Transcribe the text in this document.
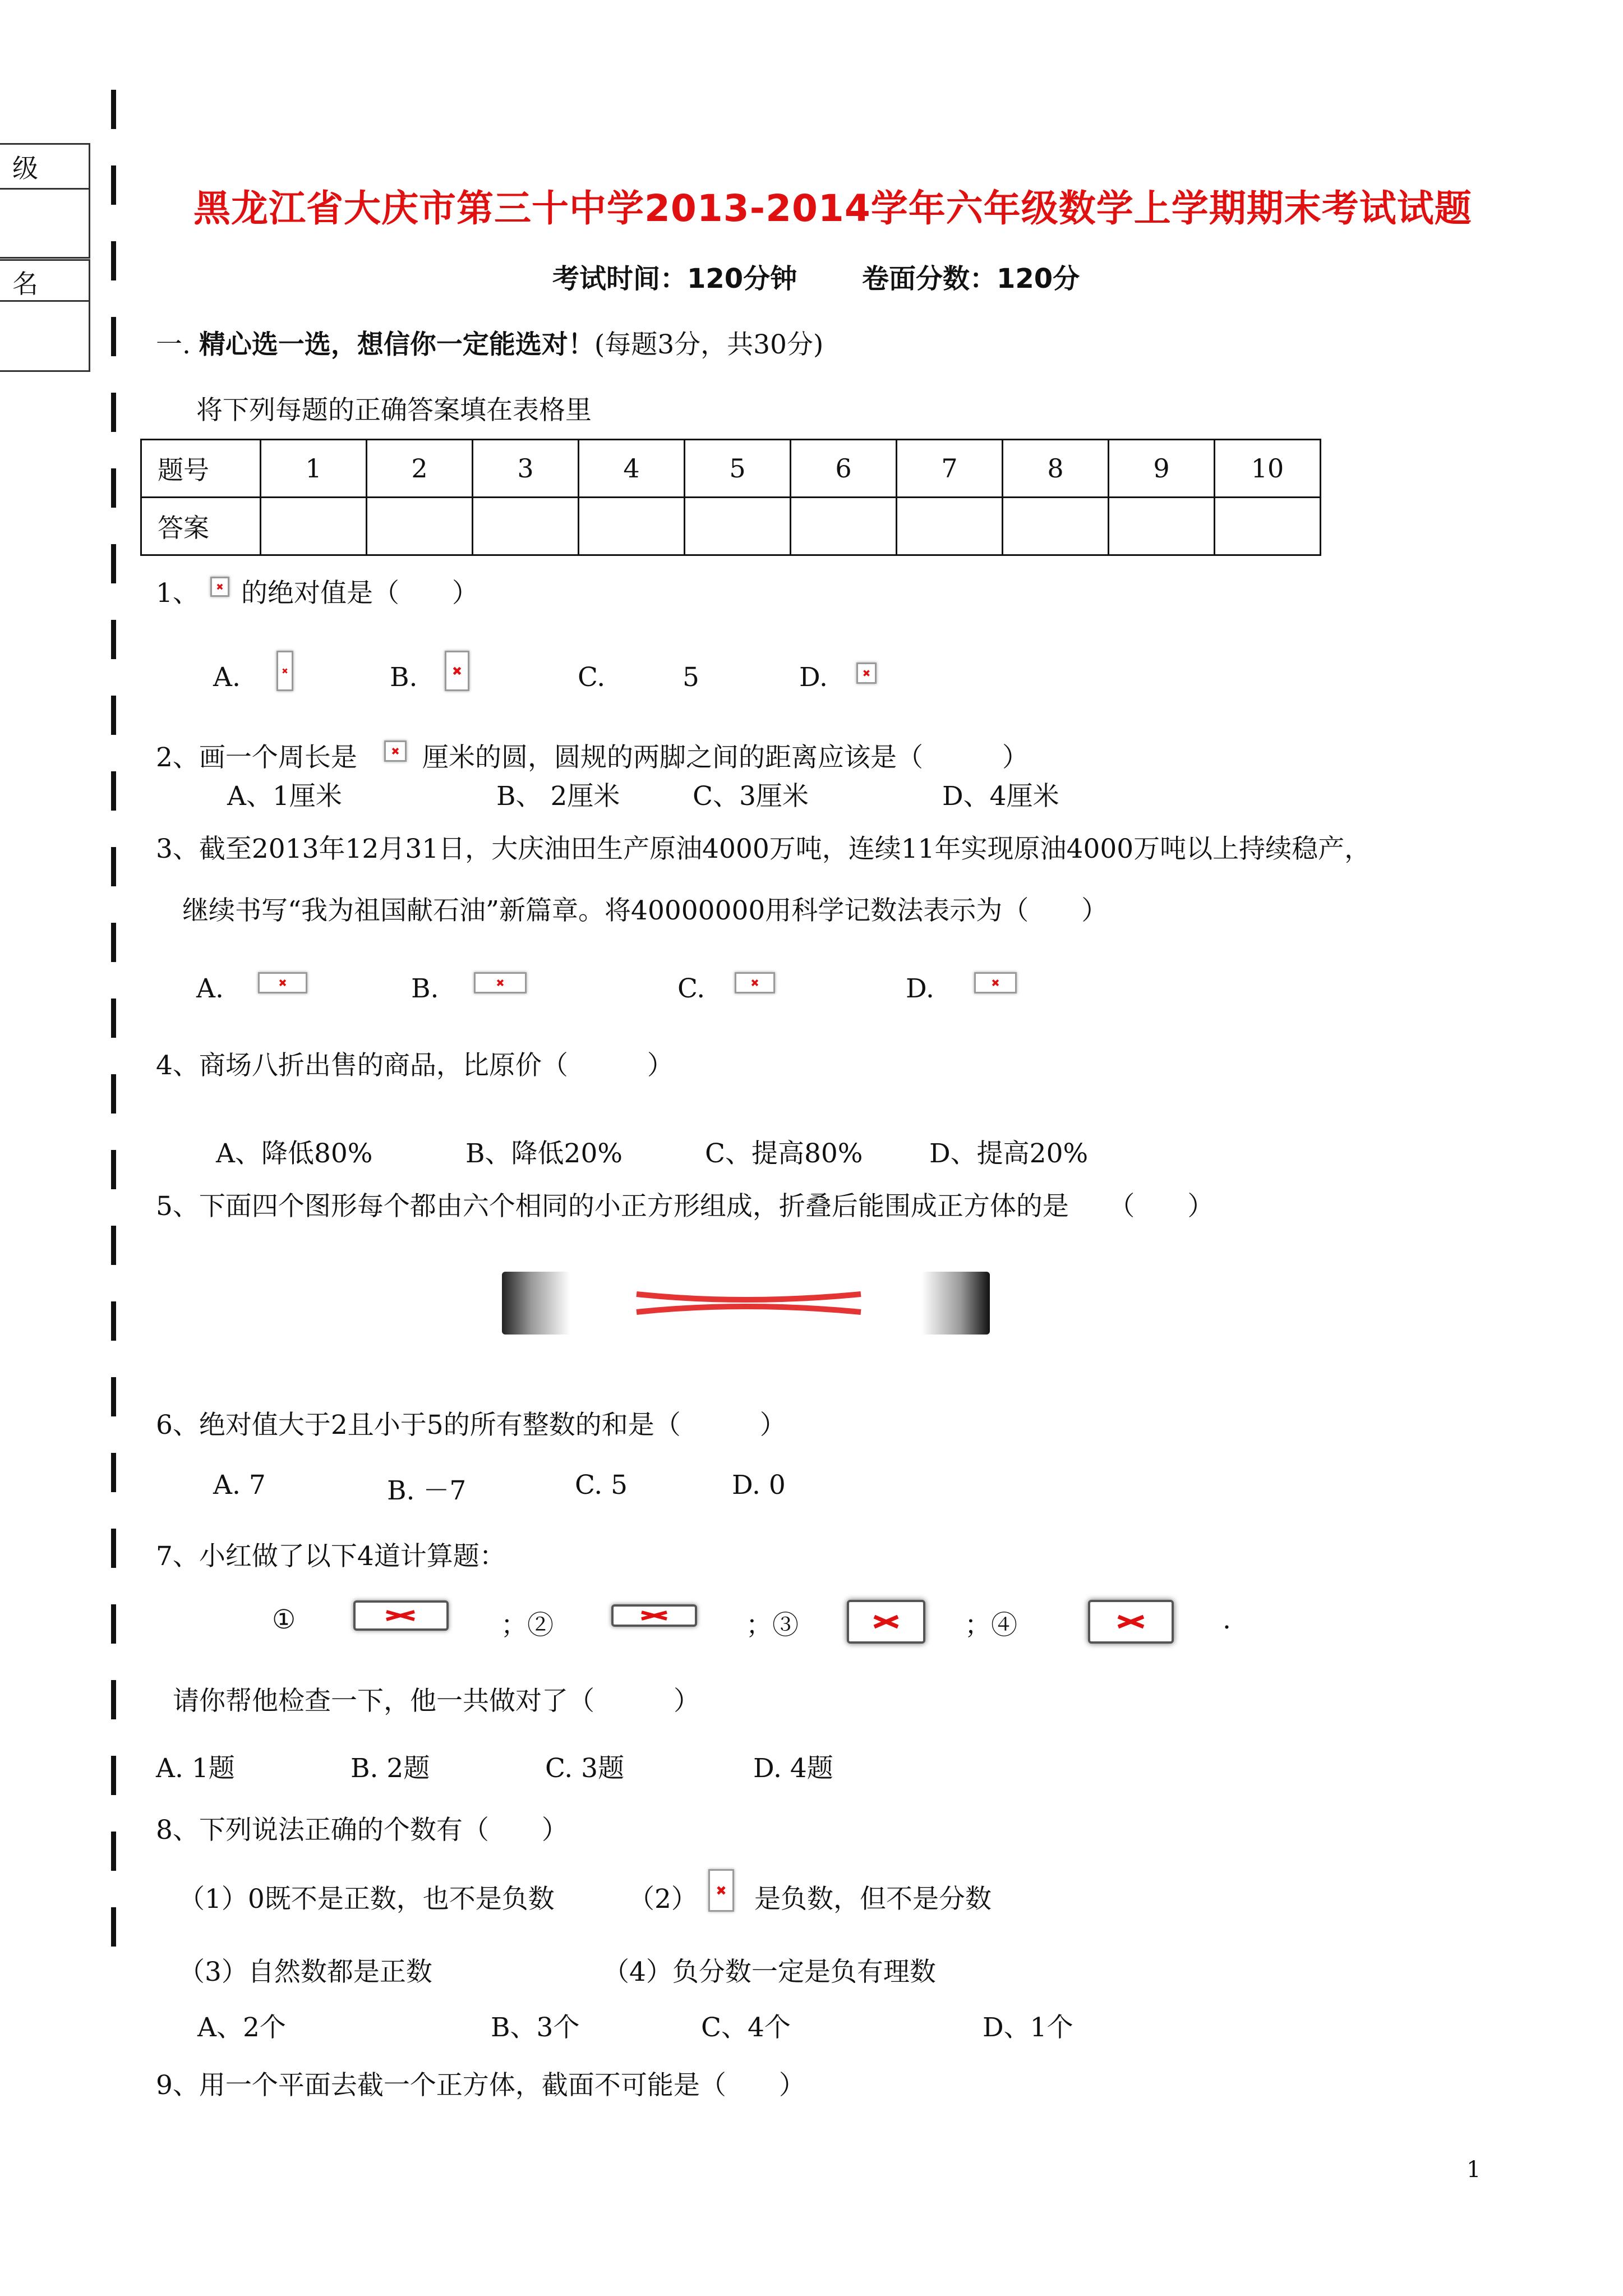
级
名
黑龙江省大庆市第三十中学2013-2014学年六年级数学上学期期末考试试题
考试时间：120分钟 卷面分数：120分
一. 精心选一选，想信你一定能选对！(每题3分，共30分)
将下列每题的正确答案填在表格里
题号	1	2	3	4	5	6	7	8	9	10
答案										
1、 的绝对值是（　　）
A.	B.	C.	5	D.
2、画一个周长是 厘米的圆，圆规的两脚之间的距离应该是（　　　）
A、1厘米	B、 2厘米	C、3厘米	D、4厘米
3、截至2013年12月31日，大庆油田生产原油4000万吨，连续11年实现原油4000万吨以上持续稳产，
继续书写“我为祖国献石油”新篇章。将40000000用科学记数法表示为（　　）
A.	B.	C.	D.
4、商场八折出售的商品，比原价（　　　）
A、降低80%	B、降低20%	C、提高80%	D、提高20%
5、下面四个图形每个都由六个相同的小正方形组成，折叠后能围成正方体的是　　（　　）
6、绝对值大于2且小于5的所有整数的和是（　　　）
A. 7	B. －7	C. 5	D. 0
7、小红做了以下4道计算题：
①	；②	；③	；④	.
请你帮他检查一下，他一共做对了（　　　）
A. 1题	B. 2题	C. 3题	D. 4题
8、下列说法正确的个数有（　　）
（1）0既不是正数，也不是负数	（2） 是负数，但不是分数
（3）自然数都是正数	（4）负分数一定是负有理数
A、2个	B、3个	C、4个	D、1个
9、用一个平面去截一个正方体，截面不可能是（　　）
1
